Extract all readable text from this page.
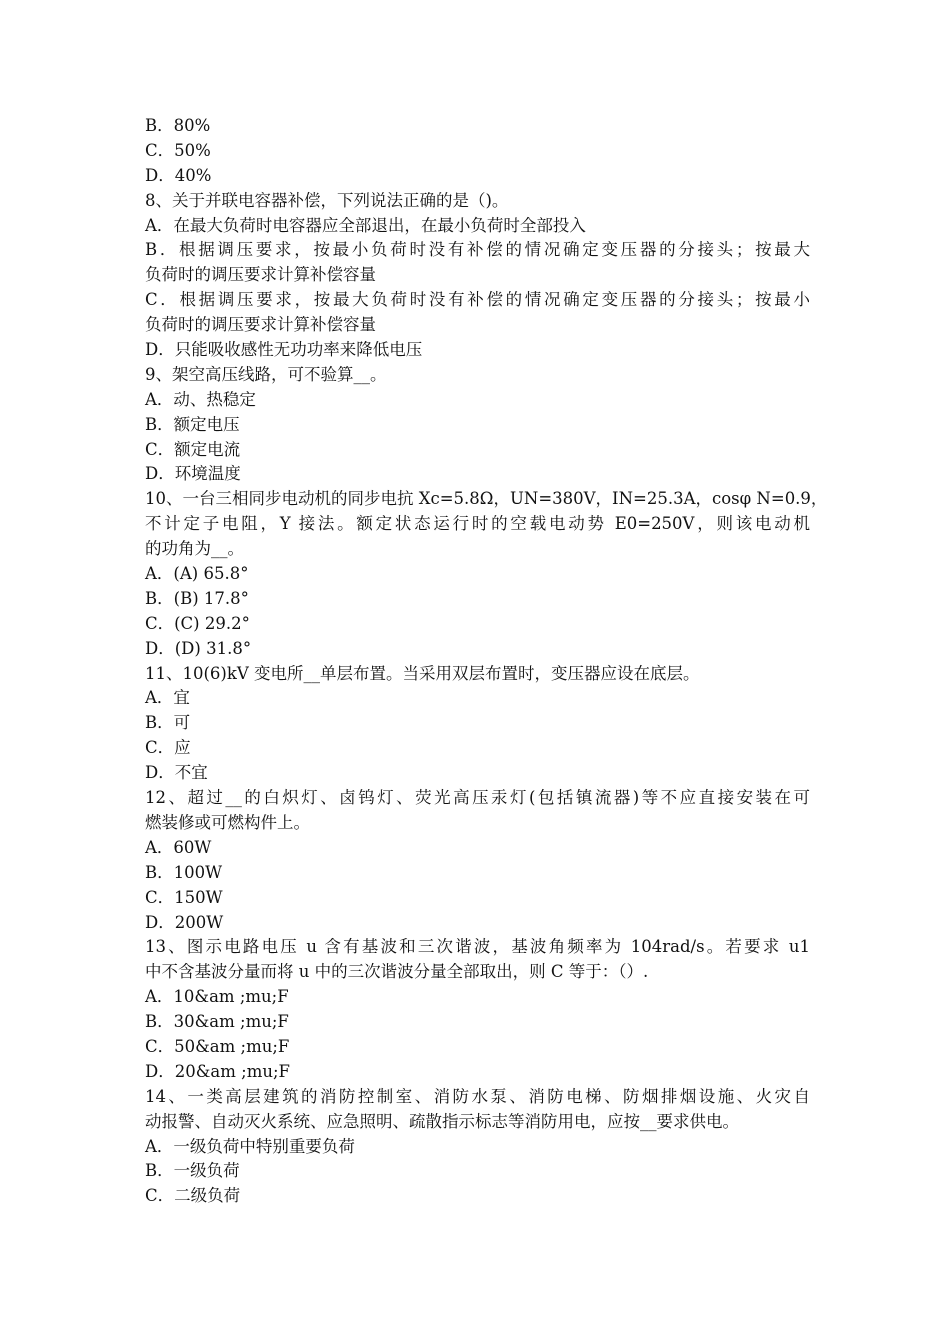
B．80%
C．50%
D．40%
8、关于并联电容器补偿，下列说法正确的是（)。
A．在最大负荷时电容器应全部退出，在最小负荷时全部投入
B．根据调压要求，按最小负荷时没有补偿的情况确定变压器的分接头；按最大
负荷时的调压要求计算补偿容量
C．根据调压要求，按最大负荷时没有补偿的情况确定变压器的分接头；按最小
负荷时的调压要求计算补偿容量
D．只能吸收感性无功功率来降低电压
9、架空高压线路，可不验算__。
A．动、热稳定
B．额定电压
C．额定电流
D．环境温度
10、一台三相同步电动机的同步电抗 Xc=5.8Ω，UN=380V，IN=25.3A，cosφ N=0.9，
不计定子电阻，Y 接法。额定状态运行时的空载电动势 E0=250V，则该电动机
的功角为__。
A．(A) 65.8°
B．(B) 17.8°
C．(C) 29.2°
D．(D) 31.8°
11、10(6)kV 变电所__单层布置。当采用双层布置时，变压器应设在底层。
A．宜
B．可
C．应
D．不宜
12、超过__的白炽灯、卤钨灯、荧光高压汞灯(包括镇流器)等不应直接安装在可
燃装修或可燃构件上。
A．60W
B．100W
C．150W
D．200W
13、图示电路电压 u 含有基波和三次谐波，基波角频率为 104rad/s。若要求 u1
中不含基波分量而将 u 中的三次谐波分量全部取出，则 C 等于：（）.
A．10&am ;mu;F
B．30&am ;mu;F
C．50&am ;mu;F
D．20&am ;mu;F
14、一类高层建筑的消防控制室、消防水泵、消防电梯、防烟排烟设施、火灾自
动报警、自动灭火系统、应急照明、疏散指示标志等消防用电，应按__要求供电。
A．一级负荷中特别重要负荷
B．一级负荷
C．二级负荷
